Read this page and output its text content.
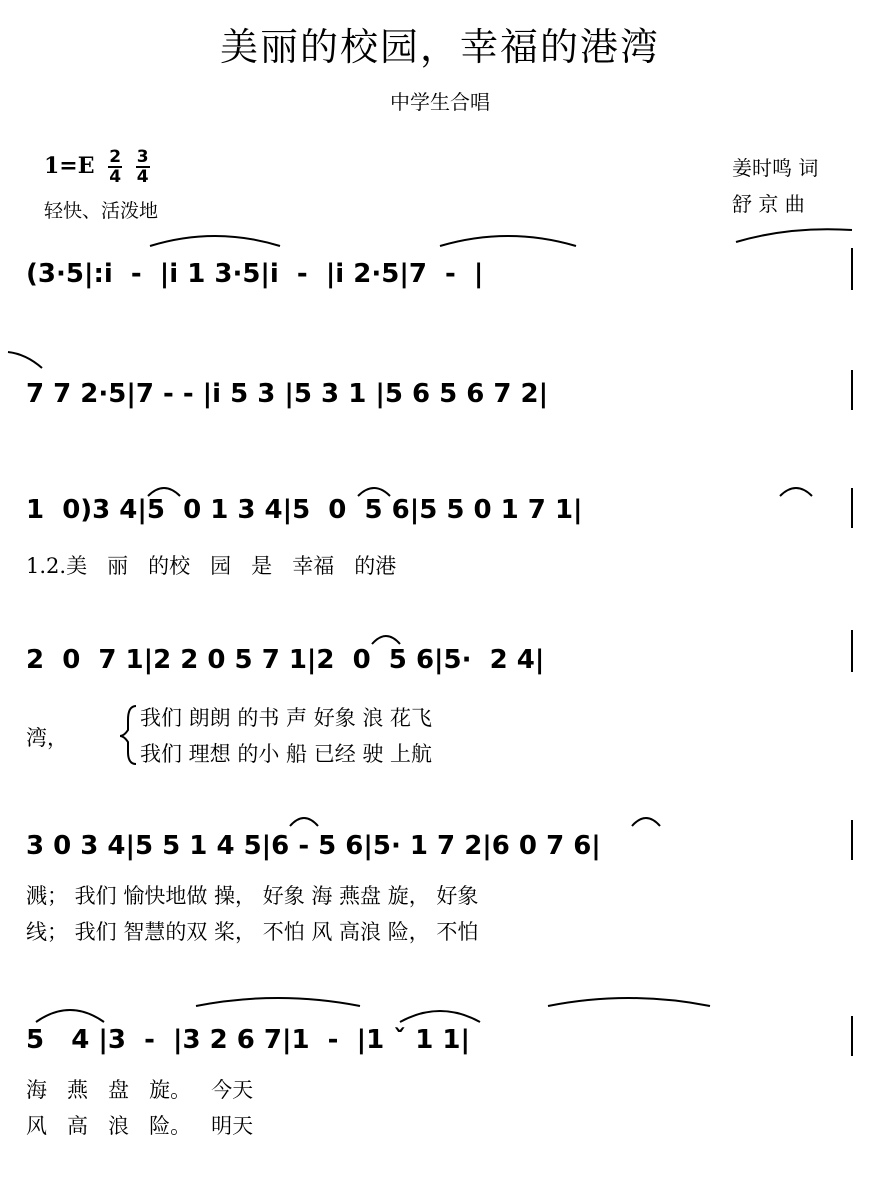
美丽的校园，幸福的港湾
中学生合唱
$1=E \frac{2}{4}$
$\frac{3}{4}$
轻快、活泼地
姜时鸣 词
舒 京 曲
(3·5|:i  -  |i 1 3·5|i  -  |i 2·5|7  -  |
7 7 2·5|7 - - |i 5 3 |5 3 1 |5 6 5 6 7 2|
1  0)3 4|5  0 1 3 4|5  0  5 6|5 5 0 1 7 1|
1.2.美   丽   的校   园   是   幸福   的港
2  0  7 1|2 2 0 5 7 1|2  0  5 6|5·  2 4|
湾，
我们 朗朗 的书 声 好象 浪 花飞
我们 理想 的小 船 已经 驶 上航
3 0 3 4|5 5 1 4 5|6 - 5 6|5· 1 7 2|6 0 7 6|
溅； 我们 愉快地做 操， 好象 海 燕盘 旋， 好象
线； 我们 智慧的双 桨， 不怕 风 高浪 险， 不怕
5   4 |3  -  |3 2 6 7|1  -  |1 ˇ 1 1|
海   燕   盘   旋。   今天
风   高   浪   险。   明天
